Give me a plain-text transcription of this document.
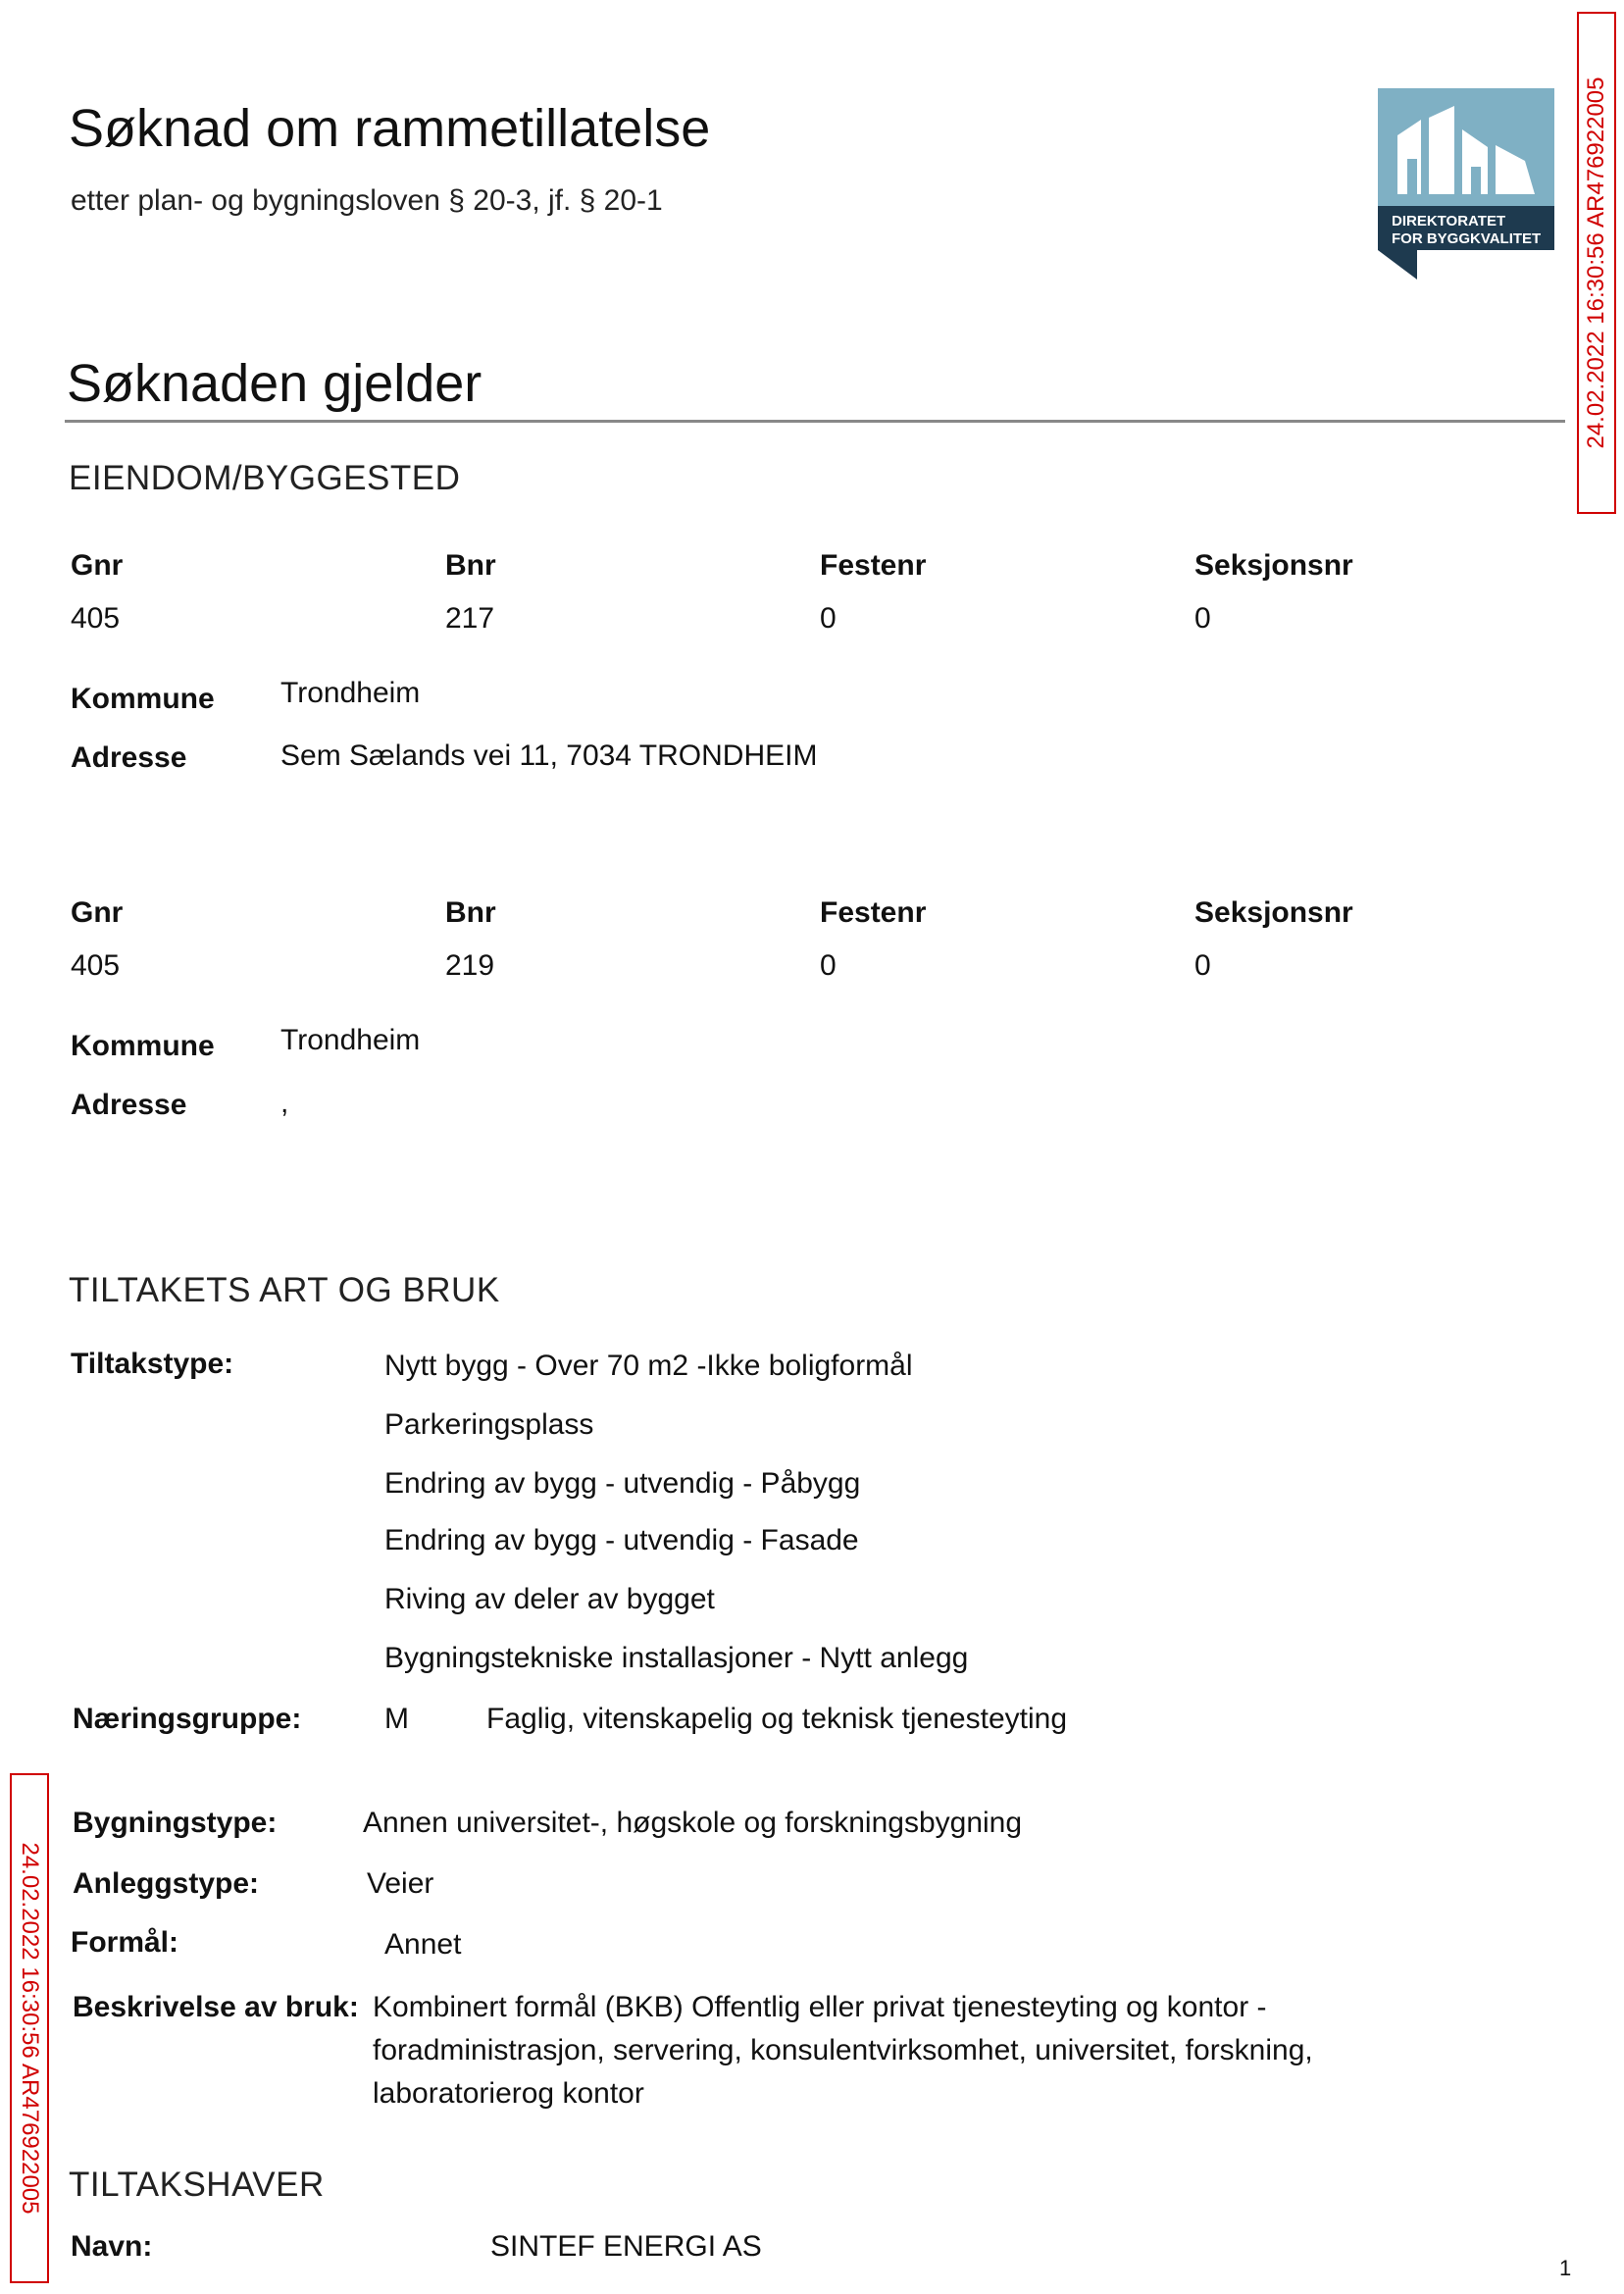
Søknad om rammetillatelse
etter plan- og bygningsloven § 20-3, jf. § 20-1
DIREKTORATET
FOR BYGGKVALITET 24.02.2022 16:30:56 AR476922005
Søknaden gjelder
EIENDOM/BYGGESTED
Gnr	Bnr	Festenr	Seksjonsnr
405	217	0	0
Kommune Trondheim
Adresse	Sem Sælands vei 11, 7034 TRONDHEIM
Gnr	Bnr	Festenr	Seksjonsnr
405	219	0	0
Kommune Trondheim
Adresse	,
TILTAKETS ART OG BRUK
Tiltakstype:	Nytt bygg - Over 70 m2 -Ikke boligformål
Parkeringsplass
Endring av bygg - utvendig - Påbygg
Endring av bygg - utvendig - Fasade
Riving av deler av bygget
Bygningstekniske installasjoner - Nytt anlegg
Næringsgruppe:	M	Faglig, vitenskapelig og teknisk tjenesteyting
Bygningstype:	Annen universitet-, høgskole og forskningsbygning
Anleggstype:	Veier
Formål:	Annet
Beskrivelse av bruk: Kombinert formål (BKB) Offentlig eller privat tjenesteyting og kontor -
foradministrasjon, servering, konsulentvirksomhet, universitet, forskning,
laboratorierog kontor
TILTAKSHAVER
Navn:	SINTEF ENERGI AS
24.02.2022 16:30:56 AR476922005
1
